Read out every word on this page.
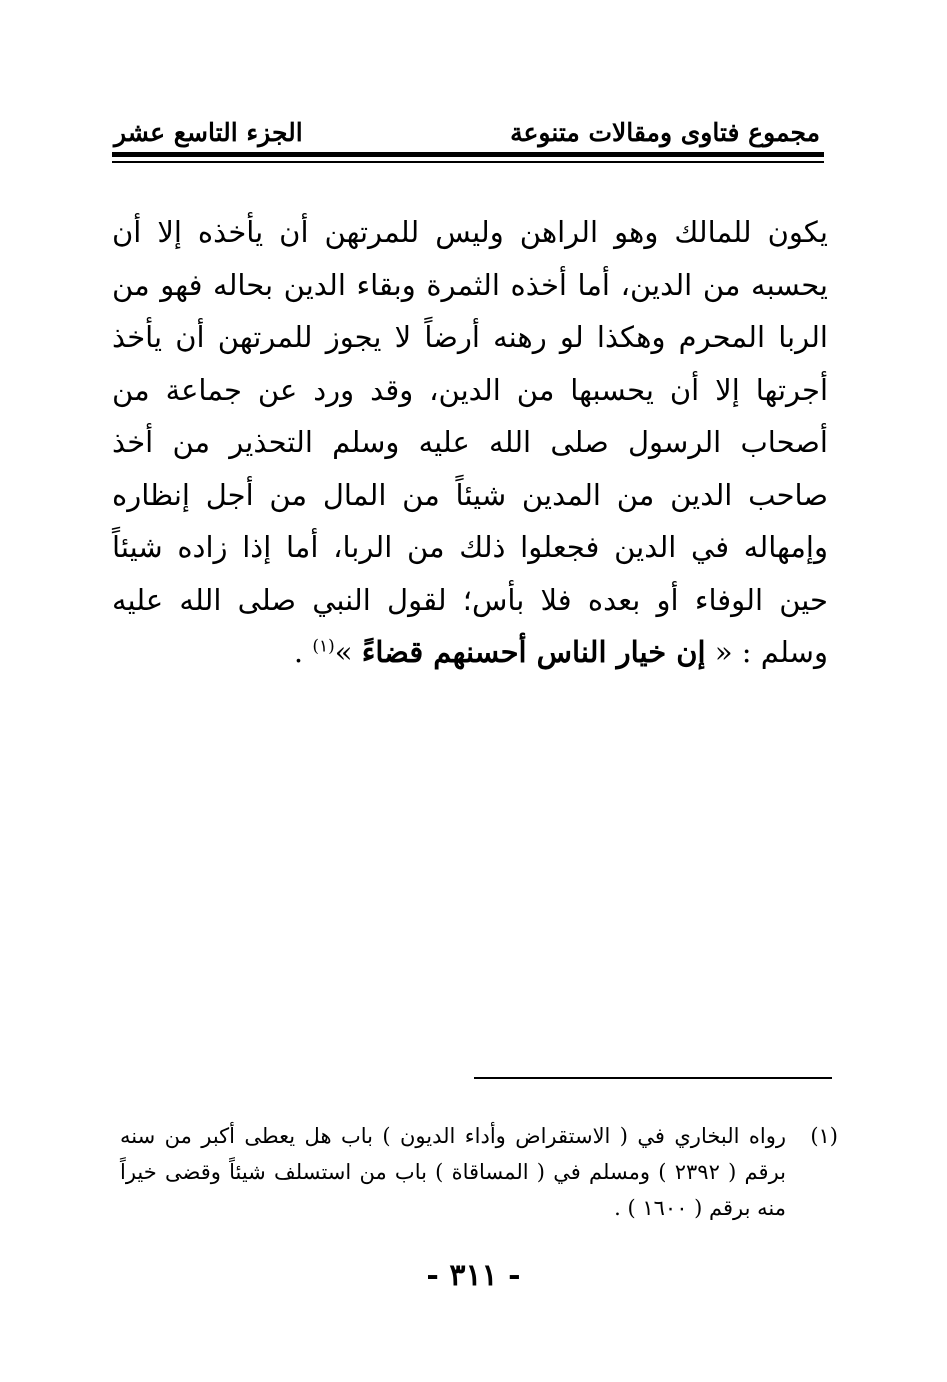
مجموع فتاوى ومقالات متنوعة
الجزء التاسع عشر
يكون للمالك وهو الراهن وليس للمرتهن أن يأخذه إلا أن يحسبه من الدين، أما أخذه الثمرة وبقاء الدين بحاله فهو من الربا المحرم وهكذا لو رهنه أرضاً لا يجوز للمرتهن أن يأخذ أجرتها إلا أن يحسبها من الدين، وقد ورد عن جماعة من أصحاب الرسول صلى الله عليه وسلم التحذير من أخذ صاحب الدين من المدين شيئاً من المال من أجل إنظاره وإمهاله في الدين فجعلوا ذلك من الربا، أما إذا زاده شيئاً حين الوفاء أو بعده فلا بأس؛ لقول النبي صلى الله عليه وسلم : « إن خيار الناس أحسنهم قضاءً »$^{(١)}$ .
(١)
رواه البخاري في ( الاستقراض وأداء الديون ) باب هل يعطى أكبر من سنه برقم ( ٢٣٩٢ ) ومسلم في ( المساقاة ) باب من استسلف شيئاً وقضى خيراً منه برقم ( ١٦٠٠ ) .
- ٣١١ -
